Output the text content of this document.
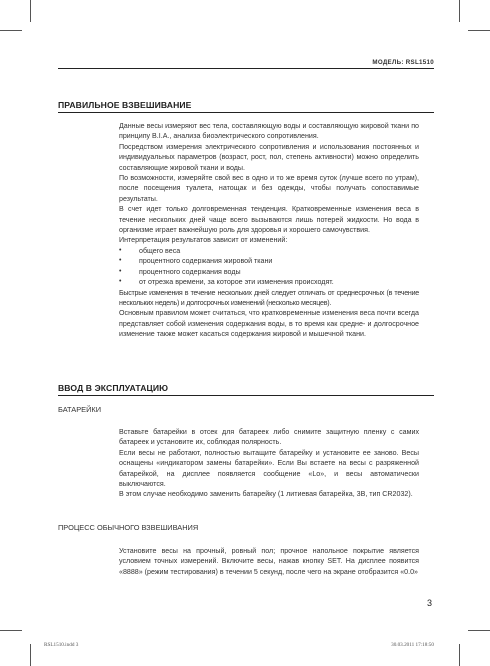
МОДЕЛЬ: RSL1510
ПРАВИЛЬНОЕ ВЗВЕШИВАНИЕ

Данные весы измеряют вес тела, составляющую воды и составляющую жировой ткани по принципу B.I.A., анализа биоэлектрического сопротивления.

Посредством измерения электрического сопротивления и использования постоянных и индивидуальных параметров (возраст, рост, пол, степень активности) можно определить составляющие жировой ткани и воды.

По возможности, измеряйте свой вес в одно и то же время суток (лучше всего по утрам), после посещения туалета, натощак и без одежды, чтобы получать сопоставимые результаты.

В счет идет только долговременная тенденция. Кратковременные изменения веса в течение нескольких дней чаще всего вызываются лишь потерей жидкости. Но вода в организме играет важнейшую роль для здоровья и хорошего самочувствия.

Интерпретация результатов зависит от изменений:

• общего веса
• процентного содержания жировой ткани
• процентного содержания воды
• от отрезка времени, за которое эти изменения происходят.

Быстрые изменения в течение нескольких дней следует отличать от среднесрочных (в течение нескольких недель) и долгосрочных изменений (несколько месяцев).

Основным правилом может считаться, что кратковременные изменения веса почти всегда представляет собой изменения содержания воды, в то время как средне- и долгосрочное изменение также может касаться содержания жировой и мышечной ткани.

ВВОД В ЭКСПЛУАТАЦИЮ
БАТАРЕЙКИ

Вставьте батарейки в отсек для батареек либо снимите защитную пленку с самих батареек и установите их, соблюдая полярность.

Если весы не работают, полностью вытащите батарейку и установите ее заново. Весы оснащены «индикатором замены батарейки». Если Вы встаете на весы с разряженной батарейкой, на дисплее появляется сообщение «Lo», и весы автоматически выключаются.

В этом случае необходимо заменить батарейку (1 литиевая батарейка, 3В, тип CR2032).

ПРОЦЕСС ОБЫЧНОГО ВЗВЕШИВАНИЯ

Установите весы на прочный, ровный пол; прочное напольное покрытие является условием точных измерений. Включите весы, нажав кнопку SET. На дисплее появится «8888» (режим тестирования) в течении 5 секунд, после чего на экране отобразится «0.0»

3
RSL1510.indd 3	30.03.2011 17:18:50
